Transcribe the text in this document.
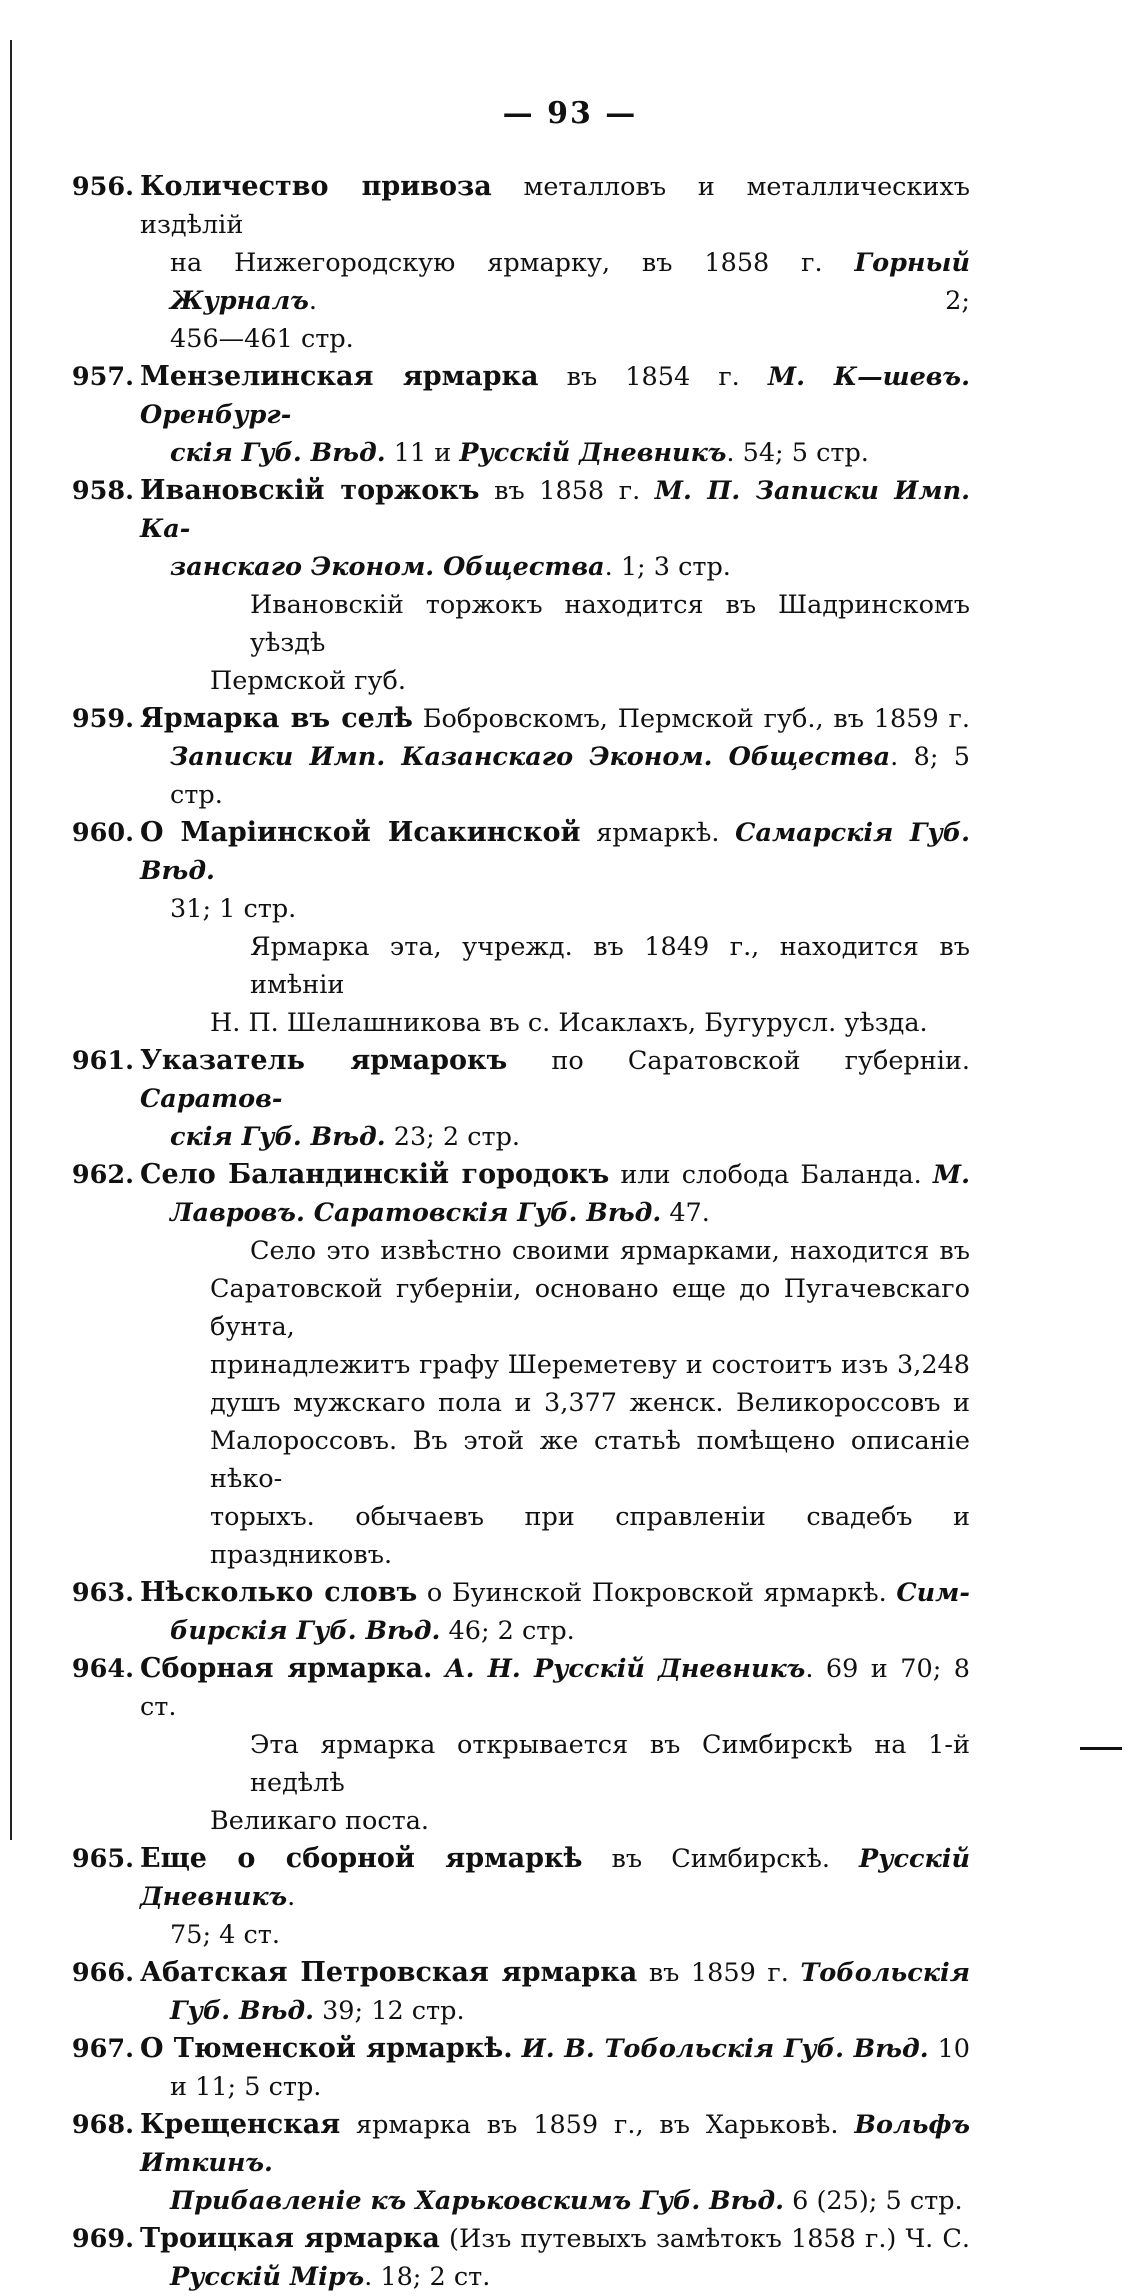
— 93 —
956. Количество привоза металловъ и металлическихъ издѣлій
на Нижегородскую ярмарку, въ 1858 г. Горный Журналъ. 2;
456—461 стр.
957. Мензелинская ярмарка въ 1854 г. М. К—шевъ. Оренбург-
скія Губ. Вѣд. 11 и Русскій Дневникъ. 54; 5 стр.
958. Ивановскій торжокъ въ 1858 г. М. П. Записки Имп. Ка-
занскаго Эконом. Общества. 1; 3 стр.
Ивановскій торжокъ находится въ Шадринскомъ уѣздѣ
Пермской губ.
959. Ярмарка въ селѣ Бобровскомъ, Пермской губ., въ 1859 г.
Записки Имп. Казанскаго Эконом. Общества. 8; 5 стр.
960. О Маріинской Исакинской ярмаркѣ. Самарскія Губ. Вѣд.
31; 1 стр.
Ярмарка эта, учрежд. въ 1849 г., находится въ имѣніи
Н. П. Шелашникова въ с. Исаклахъ, Бугурусл. уѣзда.
961. Указатель ярмарокъ по Саратовской губерніи. Саратов-
скія Губ. Вѣд. 23; 2 стр.
962. Село Баландинскій городокъ или слобода Баланда. М.
Лавровъ. Саратовскія Губ. Вѣд. 47.
Село это извѣстно своими ярмарками, находится въ
Саратовской губерніи, основано еще до Пугачевскаго бунта,
принадлежитъ графу Шереметеву и состоитъ изъ 3,248
душъ мужскаго пола и 3,377 женск. Великороссовъ и
Малороссовъ. Въ этой же статьѣ помѣщено описаніе нѣко-
торыхъ. обычаевъ при справленіи свадебъ и праздниковъ.
963. Нѣсколько словъ о Буинской Покровской ярмаркѣ. Сим-
бирскія Губ. Вѣд. 46; 2 стр.
964. Сборная ярмарка. А. Н. Русскій Дневникъ. 69 и 70; 8 ст.
Эта ярмарка открывается въ Симбирскѣ на 1-й недѣлѣ
Великаго поста.
965. Еще о сборной ярмаркѣ въ Симбирскѣ. Русскій Дневникъ.
75; 4 ст.
966. Абатская Петровская ярмарка въ 1859 г. Тобольскія
Губ. Вѣд. 39; 12 стр.
967. О Тюменской ярмаркѣ. И. В. Тобольскія Губ. Вѣд. 10
и 11; 5 стр.
968. Крещенская ярмарка въ 1859 г., въ Харьковѣ. Вольфъ Иткинъ.
Прибавленіе къ Харьковскимъ Губ. Вѣд. 6 (25); 5 стр.
969. Троицкая ярмарка (Изъ путевыхъ замѣтокъ 1858 г.) Ч. С.
Русскій Міръ. 18; 2 ст.
